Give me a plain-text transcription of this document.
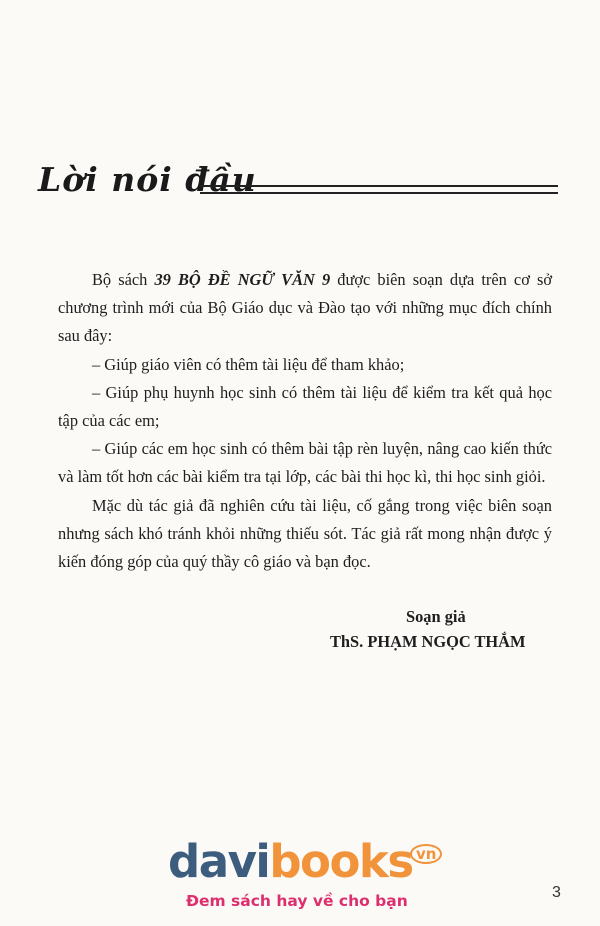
Lời nói đầu

Bộ sách 39 BỘ ĐỀ NGỮ VĂN 9 được biên soạn dựa trên cơ sở chương trình mới của Bộ Giáo dục và Đào tạo với những mục đích chính sau đây:

– Giúp giáo viên có thêm tài liệu để tham khảo;

– Giúp phụ huynh học sinh có thêm tài liệu để kiểm tra kết quả học tập của các em;

– Giúp các em học sinh có thêm bài tập rèn luyện, nâng cao kiến thức và làm tốt hơn các bài kiểm tra tại lớp, các bài thi học kì, thi học sinh giỏi.

Mặc dù tác giả đã nghiên cứu tài liệu, cố gắng trong việc biên soạn nhưng sách khó tránh khỏi những thiếu sót. Tác giả rất mong nhận được ý kiến đóng góp của quý thầy cô giáo và bạn đọc.

Soạn giả
ThS. PHẠM NGỌC THẮM
davibooks vn
Đem sách hay về cho bạn	3
